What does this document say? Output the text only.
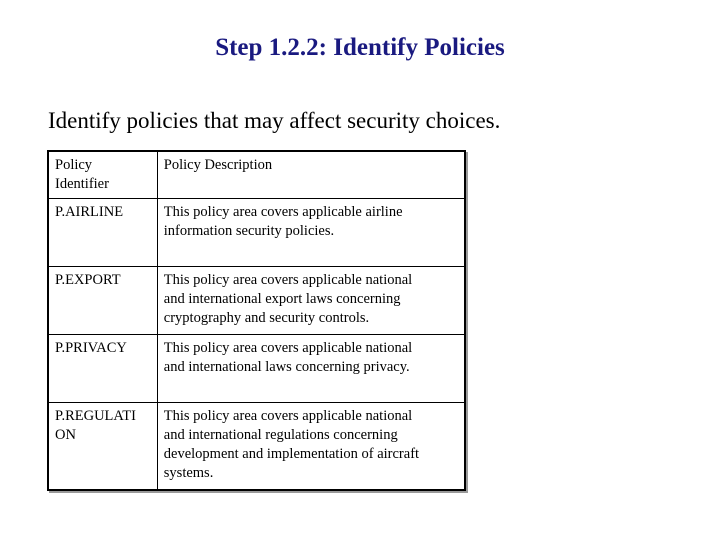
Step 1.2.2: Identify Policies
Identify policies that may affect security choices.
Policy
Identifier	Policy Description
P.AIRLINE	This policy area covers applicable airline
information security policies.
P.EXPORT	This policy area covers applicable national
and international export laws concerning
cryptography and security controls.
P.PRIVACY	This policy area covers applicable national
and international laws concerning privacy.
P.REGULATI
ON	This policy area covers applicable national
and international regulations concerning
development and implementation of aircraft
systems.
